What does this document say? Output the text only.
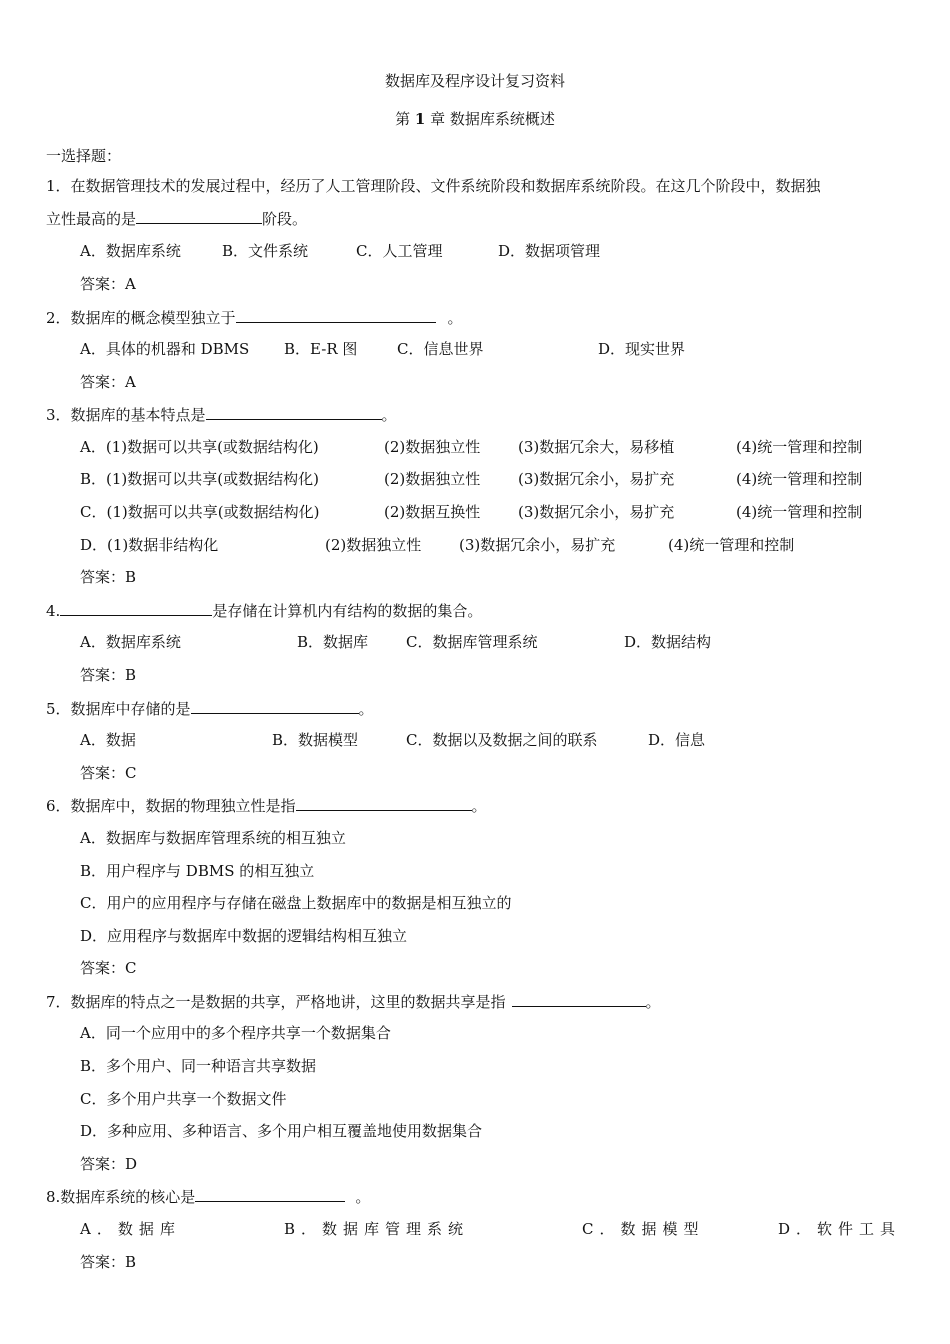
数据库及程序设计复习资料
第 1 章 数据库系统概述
一选择题：
1．在数据管理技术的发展过程中，经历了人工管理阶段、文件系统阶段和数据库系统阶段。在这几个阶段中，数据独
立性最高的是	阶段。
A．数据库系统	B．文件系统	C．人工管理	D．数据项管理
答案：A
2．数据库的概念模型独立于	。
A．具体的机器和 DBMS B．E-R 图	C．信息世界	D．现实世界
答案：A
3．数据库的基本特点是	。
A．(1)数据可以共享(或数据结构化)	(2)数据独立性	(3)数据冗余大，易移植	(4)统一管理和控制
B．(1)数据可以共享(或数据结构化)	(2)数据独立性	(3)数据冗余小，易扩充	(4)统一管理和控制
C．(1)数据可以共享(或数据结构化)	(2)数据互换性	(3)数据冗余小，易扩充	(4)统一管理和控制
D．(1)数据非结构化	(2)数据独立性	(3)数据冗余小，易扩充	(4)统一管理和控制
答案：B
4.	是存储在计算机内有结构的数据的集合。
A．数据库系统	B．数据库	C．数据库管理系统	D．数据结构
答案：B
5．数据库中存储的是	。
A．数据	B．数据模型	C．数据以及数据之间的联系	D．信息
答案：C
6．数据库中，数据的物理独立性是指	。
A．数据库与数据库管理系统的相互独立
B．用户程序与 DBMS 的相互独立
C．用户的应用程序与存储在磁盘上数据库中的数据是相互独立的
D．应用程序与数据库中数据的逻辑结构相互独立
答案：C
7．数据库的特点之一是数据的共享，严格地讲，这里的数据共享是指	。
A．同一个应用中的多个程序共享一个数据集合
B．多个用户、同一种语言共享数据
C．多个用户共享一个数据文件
D．多种应用、多种语言、多个用户相互覆盖地使用数据集合
答案：D
8.数据库系统的核心是	。
A．数据库	B．数据库管理系统	C．数据模型	D．软件工具
答案：B
